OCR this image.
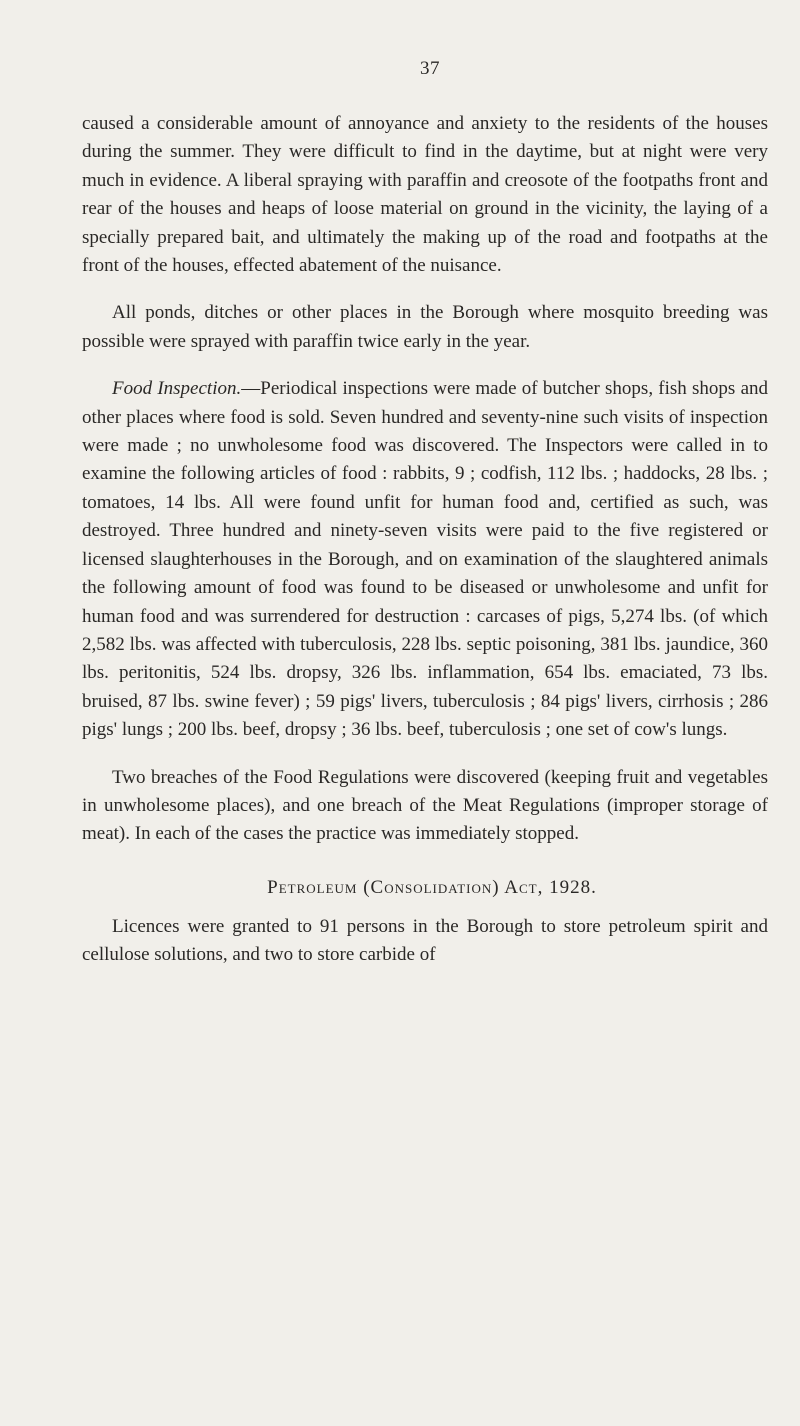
37

caused a considerable amount of annoyance and anxiety to the residents of the houses during the summer. They were difficult to find in the daytime, but at night were very much in evidence. A liberal spraying with paraffin and creosote of the footpaths front and rear of the houses and heaps of loose material on ground in the vicinity, the laying of a specially prepared bait, and ultimately the making up of the road and footpaths at the front of the houses, effected abatement of the nuisance.

All ponds, ditches or other places in the Borough where mosquito breeding was possible were sprayed with paraffin twice early in the year.

Food Inspection.—Periodical inspections were made of butcher shops, fish shops and other places where food is sold. Seven hundred and seventy-nine such visits of inspection were made ; no unwholesome food was discovered. The Inspectors were called in to examine the following articles of food : rabbits, 9 ; codfish, 112 lbs. ; haddocks, 28 lbs. ; tomatoes, 14 lbs. All were found unfit for human food and, certified as such, was destroyed. Three hundred and ninety-seven visits were paid to the five registered or licensed slaughterhouses in the Borough, and on examination of the slaughtered animals the following amount of food was found to be diseased or unwholesome and unfit for human food and was surrendered for destruction : carcases of pigs, 5,274 lbs. (of which 2,582 lbs. was affected with tuberculosis, 228 lbs. septic poisoning, 381 lbs. jaundice, 360 lbs. peritonitis, 524 lbs. dropsy, 326 lbs. inflammation, 654 lbs. emaciated, 73 lbs. bruised, 87 lbs. swine fever) ; 59 pigs' livers, tuberculosis ; 84 pigs' livers, cirrhosis ; 286 pigs' lungs ; 200 lbs. beef, dropsy ; 36 lbs. beef, tuberculosis ; one set of cow's lungs.

Two breaches of the Food Regulations were discovered (keeping fruit and vegetables in unwholesome places), and one breach of the Meat Regulations (improper storage of meat). In each of the cases the practice was immediately stopped.

Petroleum (Consolidation) Act, 1928.

Licences were granted to 91 persons in the Borough to store petroleum spirit and cellulose solutions, and two to store carbide of
